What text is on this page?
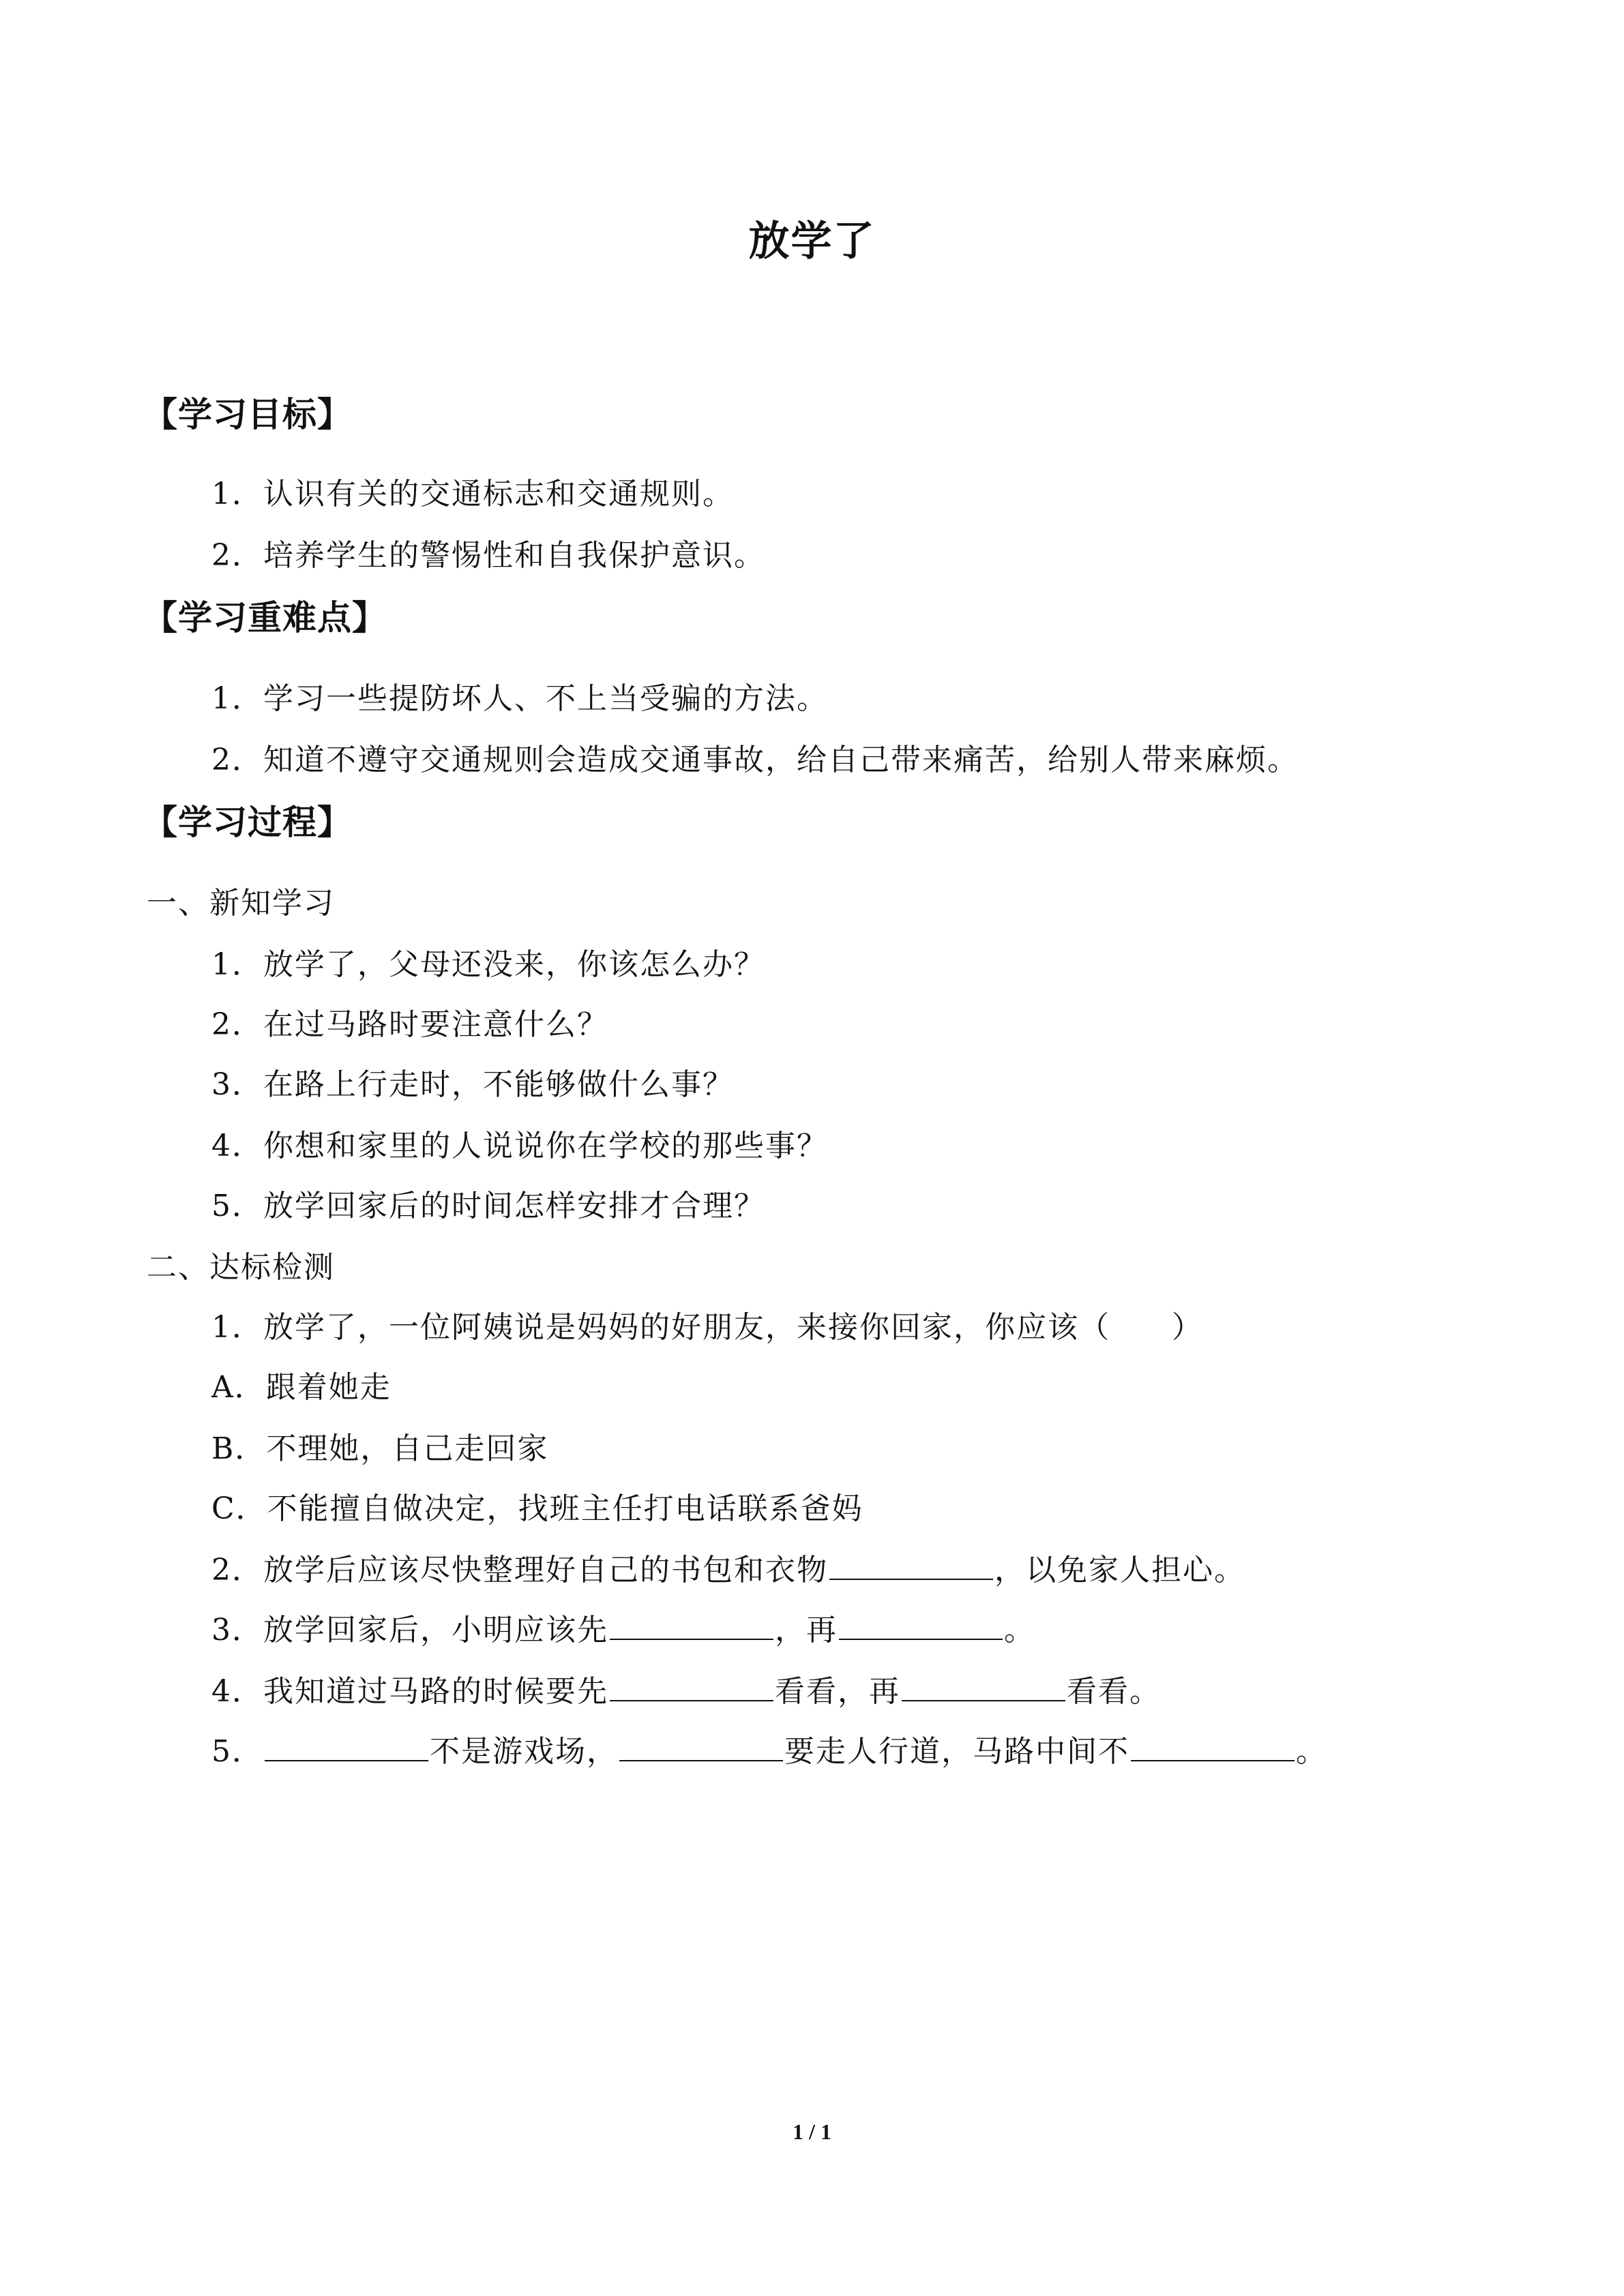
放学了
【学习目标】
1．认识有关的交通标志和交通规则。
2．培养学生的警惕性和自我保护意识。
【学习重难点】
1．学习一些提防坏人、不上当受骗的方法。
2．知道不遵守交通规则会造成交通事故，给自己带来痛苦，给别人带来麻烦。
【学习过程】
一、新知学习
1．放学了，父母还没来，你该怎么办？
2．在过马路时要注意什么？
3．在路上行走时，不能够做什么事？
4．你想和家里的人说说你在学校的那些事？
5．放学回家后的时间怎样安排才合理？
二、达标检测
1．放学了，一位阿姨说是妈妈的好朋友，来接你回家，你应该（ ）
A．跟着她走
B．不理她，自己走回家
C．不能擅自做决定，找班主任打电话联系爸妈
2．放学后应该尽快整理好自己的书包和衣物	，以免家人担心。
3．放学回家后，小明应该先	，再	。
4．我知道过马路的时候要先	看看，再	看看。
5．	不是游戏场，	要走人行道，马路中间不	。
1 / 1
